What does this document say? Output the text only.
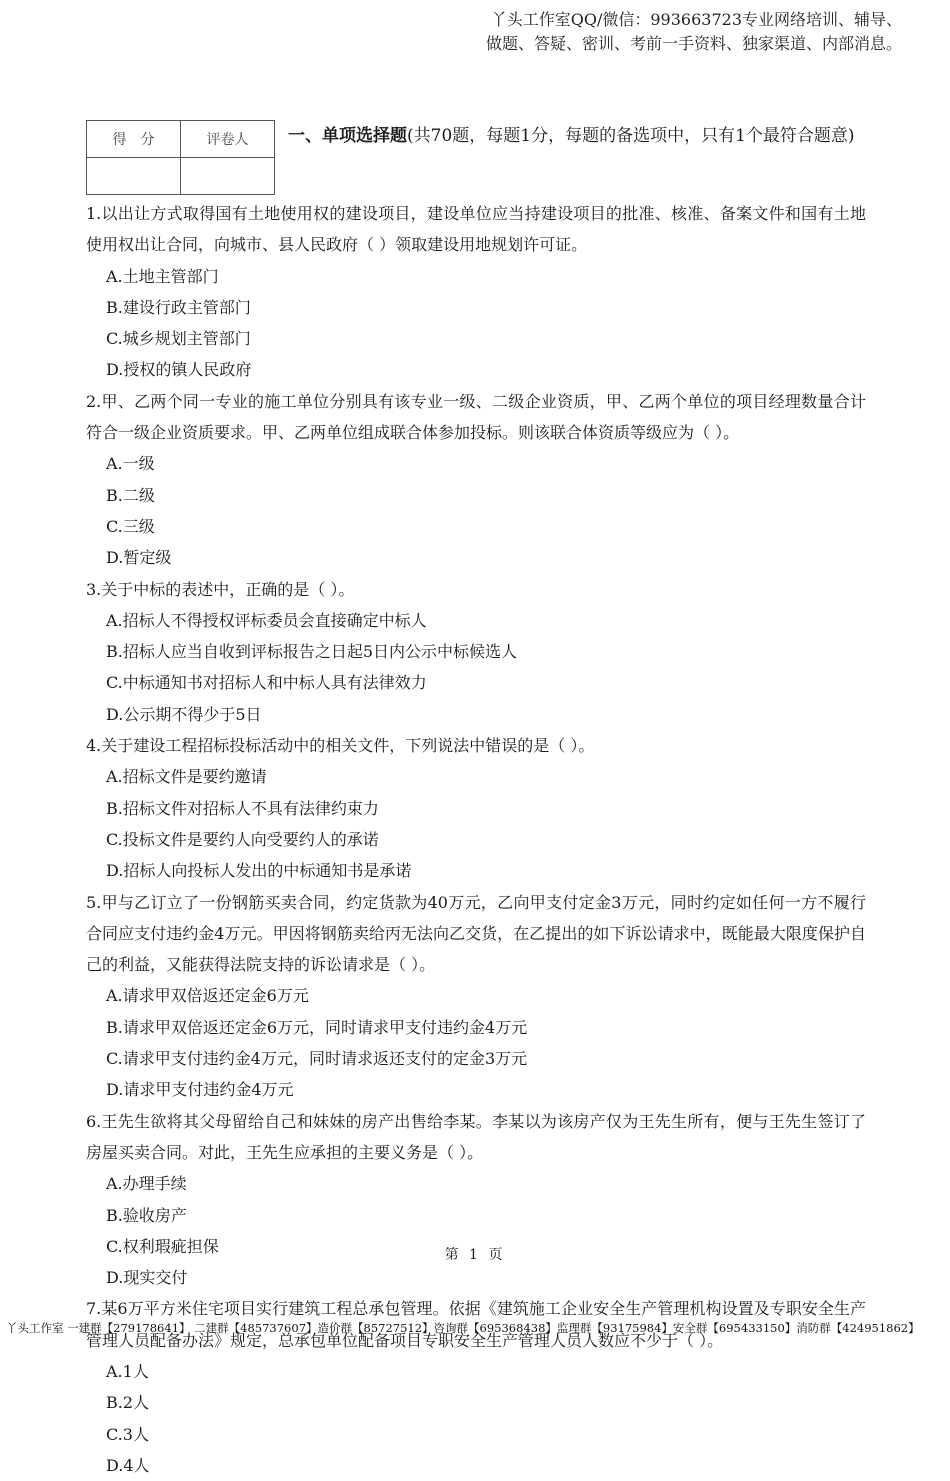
丫头工作室QQ/微信：993663723专业网络培训、辅导、
做题、答疑、密训、考前一手资料、独家渠道、内部消息。
得　分	评卷人
	一、单项选择题(共70题，每题1分，每题的备选项中，只有1个最符合题意)
1.以出让方式取得国有土地使用权的建设项目，建设单位应当持建设项目的批准、核准、备案文件和国有土地使用权出让合同，向城市、县人民政府（ ）领取建设用地规划许可证。
A.土地主管部门
B.建设行政主管部门
C.城乡规划主管部门
D.授权的镇人民政府
2.甲、乙两个同一专业的施工单位分别具有该专业一级、二级企业资质，甲、乙两个单位的项目经理数量合计符合一级企业资质要求。甲、乙两单位组成联合体参加投标。则该联合体资质等级应为（ ）。
A.一级
B.二级
C.三级
D.暂定级
3.关于中标的表述中，正确的是（ ）。
A.招标人不得授权评标委员会直接确定中标人
B.招标人应当自收到评标报告之日起5日内公示中标候选人
C.中标通知书对招标人和中标人具有法律效力
D.公示期不得少于5日
4.关于建设工程招标投标活动中的相关文件，下列说法中错误的是（ ）。
A.招标文件是要约邀请
B.招标文件对招标人不具有法律约束力
C.投标文件是要约人向受要约人的承诺
D.招标人向投标人发出的中标通知书是承诺
5.甲与乙订立了一份钢筋买卖合同，约定货款为40万元，乙向甲支付定金3万元，同时约定如任何一方不履行合同应支付违约金4万元。甲因将钢筋卖给丙无法向乙交货，在乙提出的如下诉讼请求中，既能最大限度保护自己的利益，又能获得法院支持的诉讼请求是（ ）。
A.请求甲双倍返还定金6万元
B.请求甲双倍返还定金6万元，同时请求甲支付违约金4万元
C.请求甲支付违约金4万元，同时请求返还支付的定金3万元
D.请求甲支付违约金4万元
6.王先生欲将其父母留给自己和妹妹的房产出售给李某。李某以为该房产仅为王先生所有，便与王先生签订了房屋买卖合同。对此，王先生应承担的主要义务是（ ）。
A.办理手续
B.验收房产
C.权利瑕疵担保
D.现实交付
7.某6万平方米住宅项目实行建筑工程总承包管理。依据《建筑施工企业安全生产管理机构设置及专职安全生产管理人员配备办法》规定，总承包单位配备项目专职安全生产管理人员人数应不少于（ ）。
A.1人
B.2人
C.3人
D.4人
第 1 页
丫头工作室 一建群【279178641】 二建群【485737607】造价群【85727512】咨询群【695368438】监理群【93175984】安全群【695433150】消防群【424951862】
